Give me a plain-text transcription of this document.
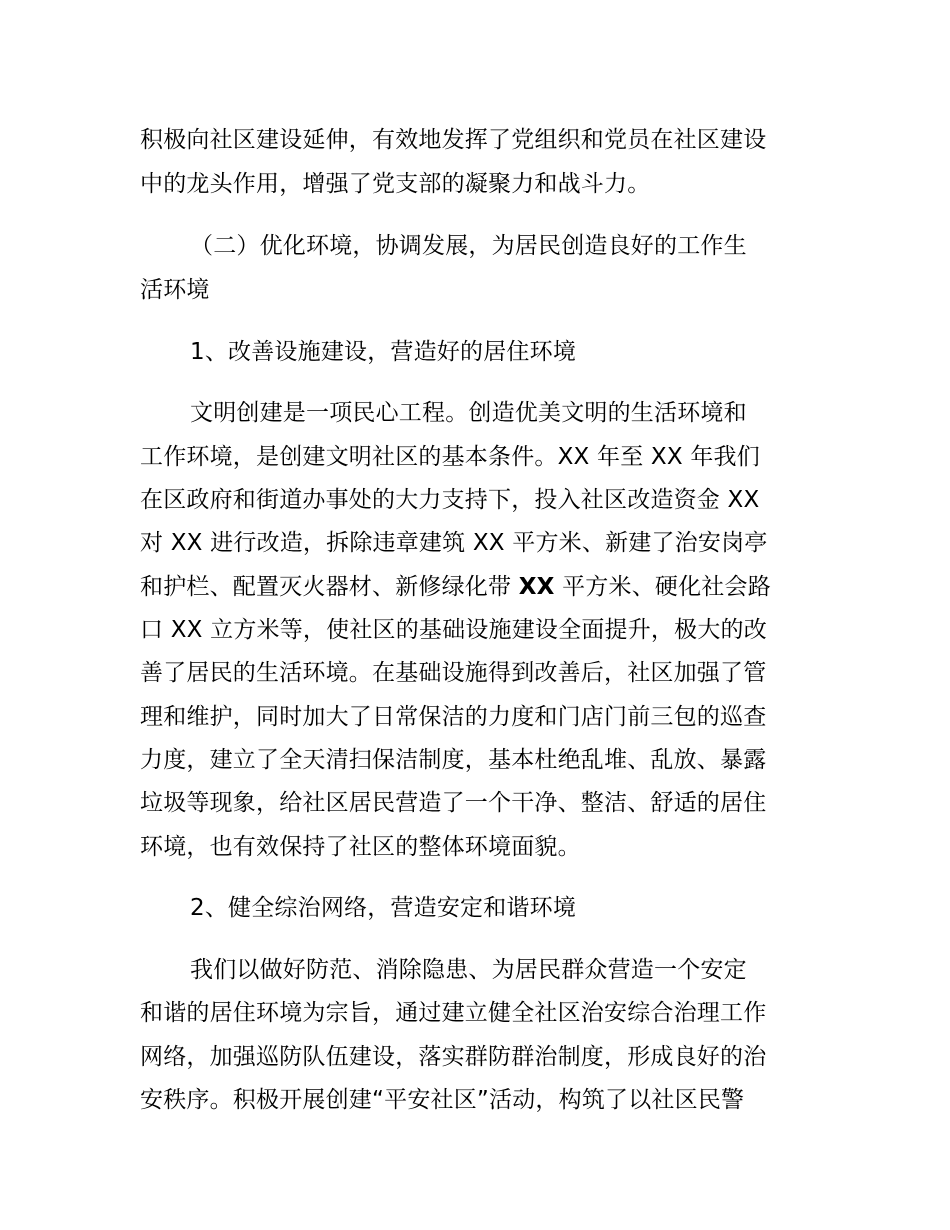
积极向社区建设延伸，有效地发挥了党组织和党员在社区建设
中的龙头作用，增强了党支部的凝聚力和战斗力。
（二）优化环境，协调发展，为居民创造良好的工作生
活环境
1、改善设施建设，营造好的居住环境
文明创建是一项民心工程。创造优美文明的生活环境和
工作环境，是创建文明社区的基本条件。XX 年至 XX 年我们
在区政府和街道办事处的大力支持下，投入社区改造资金 XX
对 XX 进行改造，拆除违章建筑 XX 平方米、新建了治安岗亭
和护栏、配置灭火器材、新修绿化带 XX 平方米、硬化社会路
口 XX 立方米等，使社区的基础设施建设全面提升，极大的改
善了居民的生活环境。在基础设施得到改善后，社区加强了管
理和维护，同时加大了日常保洁的力度和门店门前三包的巡查
力度，建立了全天清扫保洁制度，基本杜绝乱堆、乱放、暴露
垃圾等现象，给社区居民营造了一个干净、整洁、舒适的居住
环境，也有效保持了社区的整体环境面貌。
2、健全综治网络，营造安定和谐环境
我们以做好防范、消除隐患、为居民群众营造一个安定
和谐的居住环境为宗旨，通过建立健全社区治安综合治理工作
网络，加强巡防队伍建设，落实群防群治制度，形成良好的治
安秩序。积极开展创建“平安社区”活动，构筑了以社区民警
